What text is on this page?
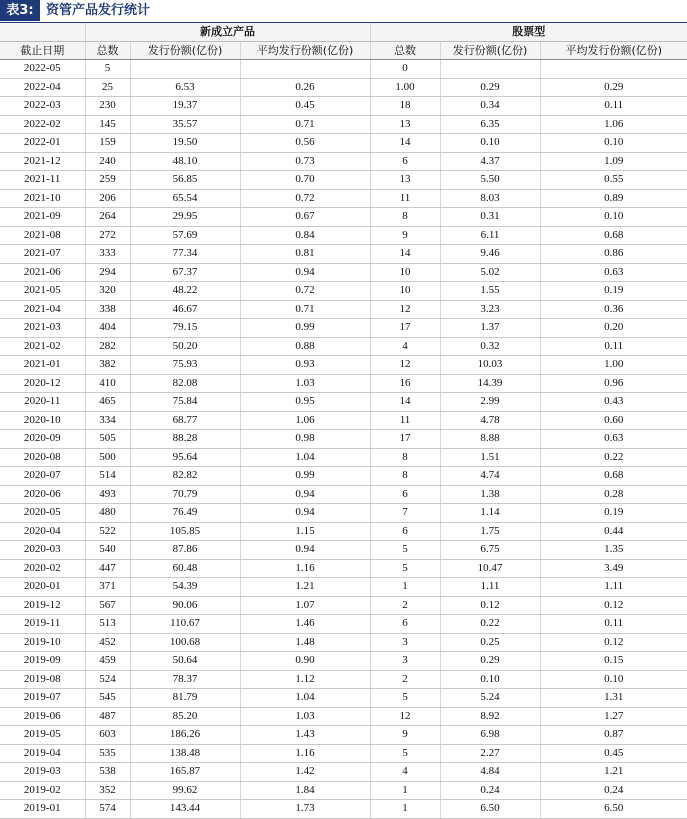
表3: 资管产品发行统计
	新成立产品			股票型		
截止日期	总数	发行份额(亿份)	平均发行份额(亿份)	总数	发行份额(亿份)	平均发行份额(亿份)
2022-05	5			0		
2022-04	25	6.53	0.26	1.00	0.29	0.29
2022-03	230	19.37	0.45	18	0.34	0.11
2022-02	145	35.57	0.71	13	6.35	1.06
2022-01	159	19.50	0.56	14	0.10	0.10
2021-12	240	48.10	0.73	6	4.37	1.09
2021-11	259	56.85	0.70	13	5.50	0.55
2021-10	206	65.54	0.72	11	8.03	0.89
2021-09	264	29.95	0.67	8	0.31	0.10
2021-08	272	57.69	0.84	9	6.11	0.68
2021-07	333	77.34	0.81	14	9.46	0.86
2021-06	294	67.37	0.94	10	5.02	0.63
2021-05	320	48.22	0.72	10	1.55	0.19
2021-04	338	46.67	0.71	12	3.23	0.36
2021-03	404	79.15	0.99	17	1.37	0.20
2021-02	282	50.20	0.88	4	0.32	0.11
2021-01	382	75.93	0.93	12	10.03	1.00
2020-12	410	82.08	1.03	16	14.39	0.96
2020-11	465	75.84	0.95	14	2.99	0.43
2020-10	334	68.77	1.06	11	4.78	0.60
2020-09	505	88.28	0.98	17	8.88	0.63
2020-08	500	95.64	1.04	8	1.51	0.22
2020-07	514	82.82	0.99	8	4.74	0.68
2020-06	493	70.79	0.94	6	1.38	0.28
2020-05	480	76.49	0.94	7	1.14	0.19
2020-04	522	105.85	1.15	6	1.75	0.44
2020-03	540	87.86	0.94	5	6.75	1.35
2020-02	447	60.48	1.16	5	10.47	3.49
2020-01	371	54.39	1.21	1	1.11	1.11
2019-12	567	90.06	1.07	2	0.12	0.12
2019-11	513	110.67	1.46	6	0.22	0.11
2019-10	452	100.68	1.48	3	0.25	0.12
2019-09	459	50.64	0.90	3	0.29	0.15
2019-08	524	78.37	1.12	2	0.10	0.10
2019-07	545	81.79	1.04	5	5.24	1.31
2019-06	487	85.20	1.03	12	8.92	1.27
2019-05	603	186.26	1.43	9	6.98	0.87
2019-04	535	138.48	1.16	5	2.27	0.45
2019-03	538	165.87	1.42	4	4.84	1.21
2019-02	352	99.62	1.84	1	0.24	0.24
2019-01	574	143.44	1.73	1	6.50	6.50
